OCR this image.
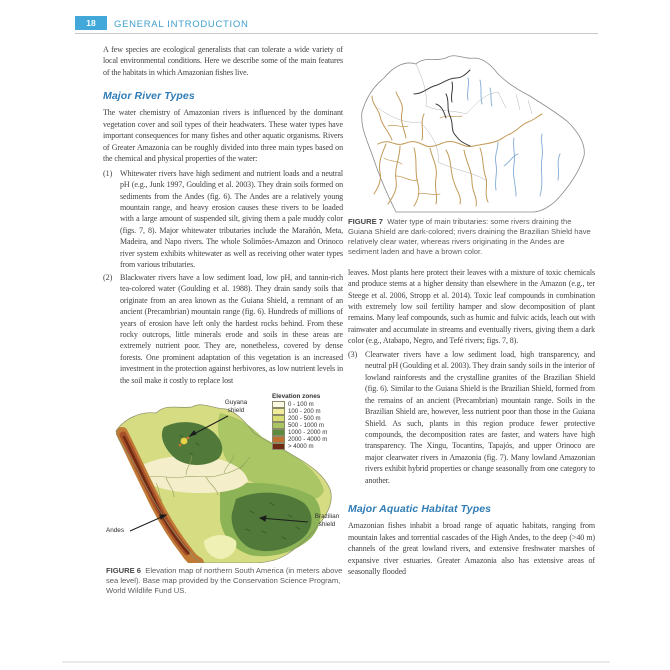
18	GENERAL INTRODUCTION

A few species are ecological generalists that can tolerate a wide variety of local environmental conditions. Here we describe some of the main features of the habitats in which Amazonian fishes live.

Major River Types

The water chemistry of Amazonian rivers is influenced by the dominant vegetation cover and soil types of their headwaters. These water types have important consequences for many fishes and other aquatic organisms. Rivers of Greater Amazonia can be roughly divided into three main types based on the chemical and physical properties of the water:

(1) Whitewater rivers have high sediment and nutrient loads and a neutral pH (e.g., Junk 1997, Goulding et al. 2003). They drain soils formed on sediments from the Andes (fig. 6). The Andes are a relatively young mountain range, and heavy erosion causes these rivers to be loaded with a large amount of suspended silt, giving them a pale muddy color (figs. 7, 8). Major whitewater tributaries include the Marañón, Meta, Madeira, and Napo rivers. The whole Solimões-Amazon and Orinoco river system exhibits whitewater as well as receiving other water types from various tributaries.

(2) Blackwater rivers have a low sediment load, low pH, and tannin-rich tea-colored water (Goulding et al. 1988). They drain sandy soils that originate from an area known as the Guiana Shield, a remnant of an ancient (Precambrian) mountain range (fig. 6). Hundreds of millions of years of erosion have left only the hardest rocks behind. From these rocky outcrops, little minerals erode and soils in these areas are extremely nutrient poor. They are, nonetheless, covered by dense forests. One prominent adaptation of this vegetation is an increased investment in the protection against herbivores, as low nutrient levels in the soil make it costly to replace lost

Guyana shield
Andes
Brazilian shield
Elevation zones
0 - 100 m
100 - 200 m
200 - 500 m
500 - 1000 m
1000 - 2000 m
2000 - 4000 m
> 4000 m
FIGURE 6 Elevation map of northern South America (in meters above sea level). Base map provided by the Conservation Science Program, World Wildlife Fund US.
FIGURE 7 Water type of main tributaries: some rivers draining the Guiana Shield are dark-colored; rivers draining the Brazilian Shield have relatively clear water, whereas rivers originating in the Andes are sediment laden and have a brown color.

leaves. Most plants here protect their leaves with a mixture of toxic chemicals and produce stems at a higher density than elsewhere in the Amazon (e.g., ter Steege et al. 2006, Stropp et al. 2014). Toxic leaf compounds in combination with extremely low soil fertility hamper and slow decomposition of plant remains. Many leaf compounds, such as humic and fulvic acids, leach out with rainwater and accumulate in streams and eventually rivers, giving them a dark color (e.g., Atabapo, Negro, and Tefé rivers; figs. 7, 8).

(3) Clearwater rivers have a low sediment load, high transparency, and neutral pH (Goulding et al. 2003). They drain sandy soils in the interior of lowland rainforests and the crystalline granites of the Brazilian Shield (fig. 6). Similar to the Guiana Shield is the Brazilian Shield, formed from the remains of an ancient (Precambrian) mountain range. Soils in the Brazilian Shield are, however, less nutrient poor than those in the Guiana Shield. As such, plants in this region produce fewer protective compounds, the decomposition rates are faster, and waters have high transparency. The Xingu, Tocantins, Tapajós, and upper Orinoco are major clearwater rivers in Amazonia (fig. 7). Many lowland Amazonian rivers exhibit hybrid properties or change seasonally from one category to another.

Major Aquatic Habitat Types

Amazonian fishes inhabit a broad range of aquatic habitats, ranging from mountain lakes and torrential cascades of the High Andes, to the deep (>40 m) channels of the great lowland rivers, and extensive freshwater marshes of expansive river estuaries. Greater Amazonia also has extensive areas of seasonally flooded
